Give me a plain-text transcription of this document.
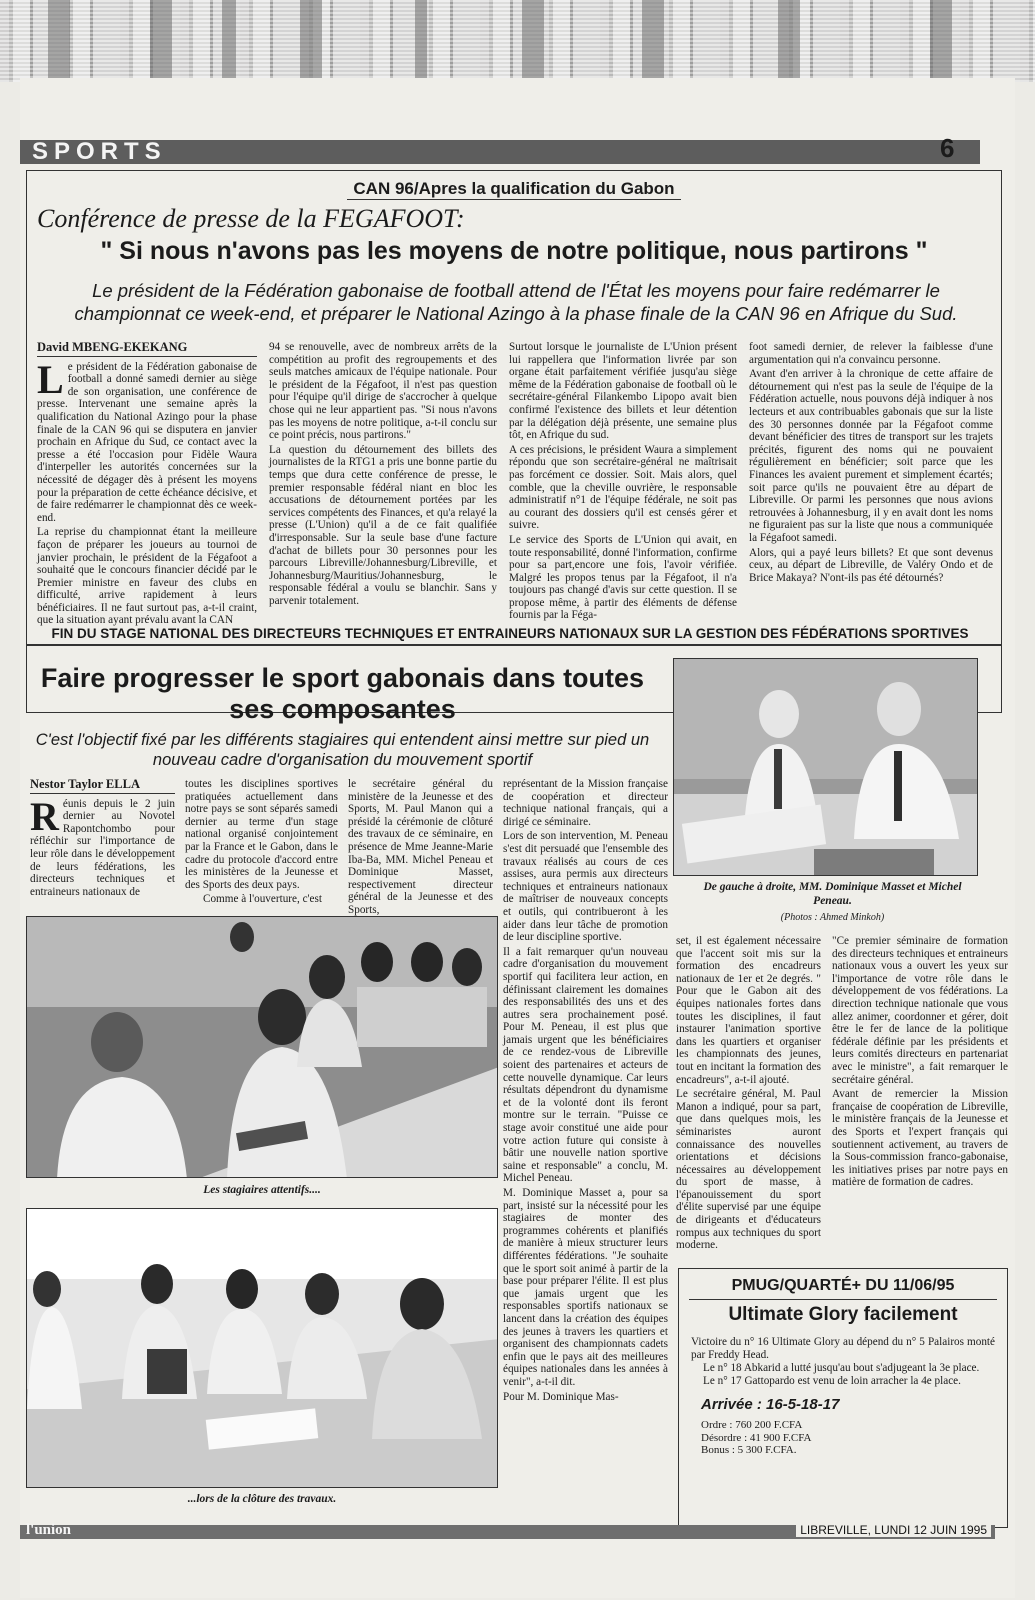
SPORTS	6
CAN 96/Apres la qualification du Gabon
Conférence de presse de la FEGAFOOT:
" Si nous n'avons pas les moyens de notre politique, nous partirons "
Le président de la Fédération gabonaise de football attend de l'État les moyens pour faire redémarrer le championnat ce week-end, et préparer le National Azingo à la phase finale de la CAN 96 en Afrique du Sud.
David MBENG-EKEKANG

Le président de la Fédération gabonaise de football a donné samedi dernier au siège de son organisation, une conférence de presse. Intervenant une semaine après la qualification du National Azingo pour la phase finale de la CAN 96 qui se disputera en janvier prochain en Afrique du Sud, ce contact avec la presse a été l'occasion pour Fidèle Waura d'interpeller les autorités concernées sur la nécessité de dégager dès à présent les moyens pour la préparation de cette échéance décisive, et de faire redémarrer le championnat dès ce week-end.

La reprise du championnat étant la meilleure façon de préparer les joueurs au tournoi de janvier prochain, le président de la Fégafoot a souhaité que le concours financier décidé par le Premier ministre en faveur des clubs en difficulté, arrive rapidement à leurs bénéficiaires. Il ne faut surtout pas, a-t-il craint, que la situation ayant prévalu avant la CAN

94 se renouvelle, avec de nombreux arrêts de la compétition au profit des regroupements et des seuls matches amicaux de l'équipe nationale. Pour le président de la Fégafoot, il n'est pas question pour l'équipe qu'il dirige de s'accrocher à quelque chose qui ne leur appartient pas. "Si nous n'avons pas les moyens de notre politique, a-t-il conclu sur ce point précis, nous partirons."

La question du détournement des billets des journalistes de la RTG1 a pris une bonne partie du temps que dura cette conférence de presse, le premier responsable fédéral niant en bloc les accusations de détournement portées par les services compétents des Finances, et qu'a relayé la presse (L'Union) qu'il a de ce fait qualifiée d'irresponsable. Sur la seule base d'une facture d'achat de billets pour 30 personnes pour les parcours Libreville/Johannesburg/Libreville, et Johannesburg/Mauritius/Johannesburg, le responsable fédéral a voulu se blanchir. Sans y parvenir totalement.

Surtout lorsque le journaliste de L'Union présent lui rappellera que l'information livrée par son organe était parfaitement vérifiée jusqu'au siège même de la Fédération gabonaise de football où le secrétaire-général Filankembo Lipopo avait bien confirmé l'existence des billets et leur détention par la délégation déjà présente, une semaine plus tôt, en Afrique du sud.

A ces précisions, le président Waura a simplement répondu que son secrétaire-général ne maîtrisait pas forcément ce dossier. Soit. Mais alors, quel comble, que la cheville ouvrière, le responsable administratif n°1 de l'équipe fédérale, ne soit pas au courant des dossiers qu'il est censés gérer et suivre.

Le service des Sports de L'Union qui avait, en toute responsabilité, donné l'information, confirme pour sa part,encore une fois, l'avoir vérifiée. Malgré les propos tenus par la Fégafoot, il n'a toujours pas changé d'avis sur cette question. Il se propose même, à partir des éléments de défense fournis par la Féga-

foot samedi dernier, de relever la faiblesse d'une argumentation qui n'a convaincu personne.

Avant d'en arriver à la chronique de cette affaire de détournement qui n'est pas la seule de l'équipe de la Fédération actuelle, nous pouvons déjà indiquer à nos lecteurs et aux contribuables gabonais que sur la liste des 30 personnes donnée par la Fégafoot comme devant bénéficier des titres de transport sur les trajets précités, figurent des noms qui ne pouvaient régulièrement en bénéficier; soit parce que les Finances les avaient purement et simplement écartés; soit parce qu'ils ne pouvaient être au départ de Libreville. Or parmi les personnes que nous avions retrouvées à Johannesburg, il y en avait dont les noms ne figuraient pas sur la liste que nous a communiquée la Fégafoot samedi.

Alors, qui a payé leurs billets? Et que sont devenus ceux, au départ de Libreville, de Valéry Ondo et de Brice Makaya? N'ont-ils pas été détournés?

FIN DU STAGE NATIONAL DES DIRECTEURS TECHNIQUES ET ENTRAINEURS NATIONAUX SUR LA GESTION DES FÉDÉRATIONS SPORTIVES
Faire progresser le sport gabonais dans toutes ses composantes
C'est l'objectif fixé par les différents stagiaires qui entendent ainsi mettre sur pied un nouveau cadre d'organisation du mouvement sportif
Nestor Taylor ELLA

Réunis depuis le 2 juin dernier au Novotel Rapontchombo pour réfléchir sur l'importance de leur rôle dans le développement de leurs fédérations, les directeurs techniques et entraineurs nationaux de

toutes les disciplines sportives pratiquées actuellement dans notre pays se sont séparés samedi dernier au terme d'un stage national organisé conjointement par la France et le Gabon, dans le cadre du protocole d'accord entre les ministères de la Jeunesse et des Sports des deux pays.

Comme à l'ouverture, c'est

le secrétaire général du ministère de la Jeunesse et des Sports, M. Paul Manon qui a présidé la cérémonie de clôturé des travaux de ce séminaire, en présence de Mme Jeanne-Marie Iba-Ba, MM. Michel Peneau et Dominique Masset, respectivement directeur général de la Jeunesse et des Sports,

représentant de la Mission française de coopération et directeur technique national français, qui a dirigé ce séminaire.

Lors de son intervention, M. Peneau s'est dit persuadé que l'ensemble des travaux réalisés au cours de ces assises, aura permis aux directeurs techniques et entraineurs nationaux de maîtriser de nouveaux concepts et outils, qui contribueront à les aider dans leur tâche de promotion de leur discipline sportive.

Il a fait remarquer qu'un nouveau cadre d'organisation du mouvement sportif qui facilitera leur action, en définissant clairement les domaines des responsabilités des uns et des autres sera prochainement posé. Pour M. Peneau, il est plus que jamais urgent que les bénéficiaires de ce rendez-vous de Libreville soient des partenaires et acteurs de cette nouvelle dynamique. Car leurs résultats dépendront du dynamisme et de la volonté dont ils feront montre sur le terrain. "Puisse ce stage avoir constitué une aide pour votre action future qui consiste à bâtir une nouvelle nation sportive saine et responsable" a conclu, M. Michel Peneau.

M. Dominique Masset a, pour sa part, insisté sur la nécessité pour les stagiaires de monter des programmes cohérents et planifiés de manière à mieux structurer leurs différentes fédérations. "Je souhaite que le sport soit animé à partir de la base pour préparer l'élite. Il est plus que jamais urgent que les responsables sportifs nationaux se lancent dans la création des équipes des jeunes à travers les quartiers et organisent des championnats cadets enfin que le pays ait des meilleures équipes nationales dans les années à venir", a-t-il dit.

Pour M. Dominique Mas-

set, il est également nécessaire que l'accent soit mis sur la formation des encadreurs nationaux de 1er et 2e degrés. " Pour que le Gabon ait des équipes nationales fortes dans toutes les disciplines, il faut instaurer l'animation sportive dans les quartiers et organiser les championnats des jeunes, tout en incitant la formation des encadreurs", a-t-il ajouté.

Le secrétaire général, M. Paul Manon a indiqué, pour sa part, que dans quelques mois, les séminaristes auront connaissance des nouvelles orientations et décisions nécessaires au développement du sport de masse, à l'épanouissement du sport d'élite supervisé par une équipe de dirigeants et d'éducateurs rompus aux techniques du sport moderne.

"Ce premier séminaire de formation des directeurs techniques et entraineurs nationaux vous a ouvert les yeux sur l'importance de votre rôle dans le développement de vos fédérations. La direction technique nationale que vous allez animer, coordonner et gérer, doit être le fer de lance de la politique fédérale définie par les présidents et leurs comités directeurs en partenariat avec le ministre", a fait remarquer le secrétaire général.

Avant de remercier la Mission française de coopération de Libreville, le ministère français de la Jeunesse et des Sports et l'expert français qui soutiennent activement, au travers de la Sous-commission franco-gabonaise, les initiatives prises par notre pays en matière de formation de cadres.

De gauche à droite, MM. Dominique Masset et Michel Peneau.
(Photos : Ahmed Minkoh)
Les stagiaires attentifs....
...lors de la clôture des travaux.
PMUG/QUARTÉ+ DU 11/06/95
Ultimate Glory facilement

Victoire du n° 16 Ultimate Glory au dépend du n° 5 Palairos monté par Freddy Head.

Le n° 18 Abkarid a lutté jusqu'au bout s'adjugeant la 3e place.

Le n° 17 Gattopardo est venu de loin arracher la 4e place.

Arrivée : 16-5-18-17
Ordre : 760 200 F.CFA
Désordre : 41 900 F.CFA
Bonus : 5 300 F.CFA.
l'union	LIBREVILLE, LUNDI 12 JUIN 1995
